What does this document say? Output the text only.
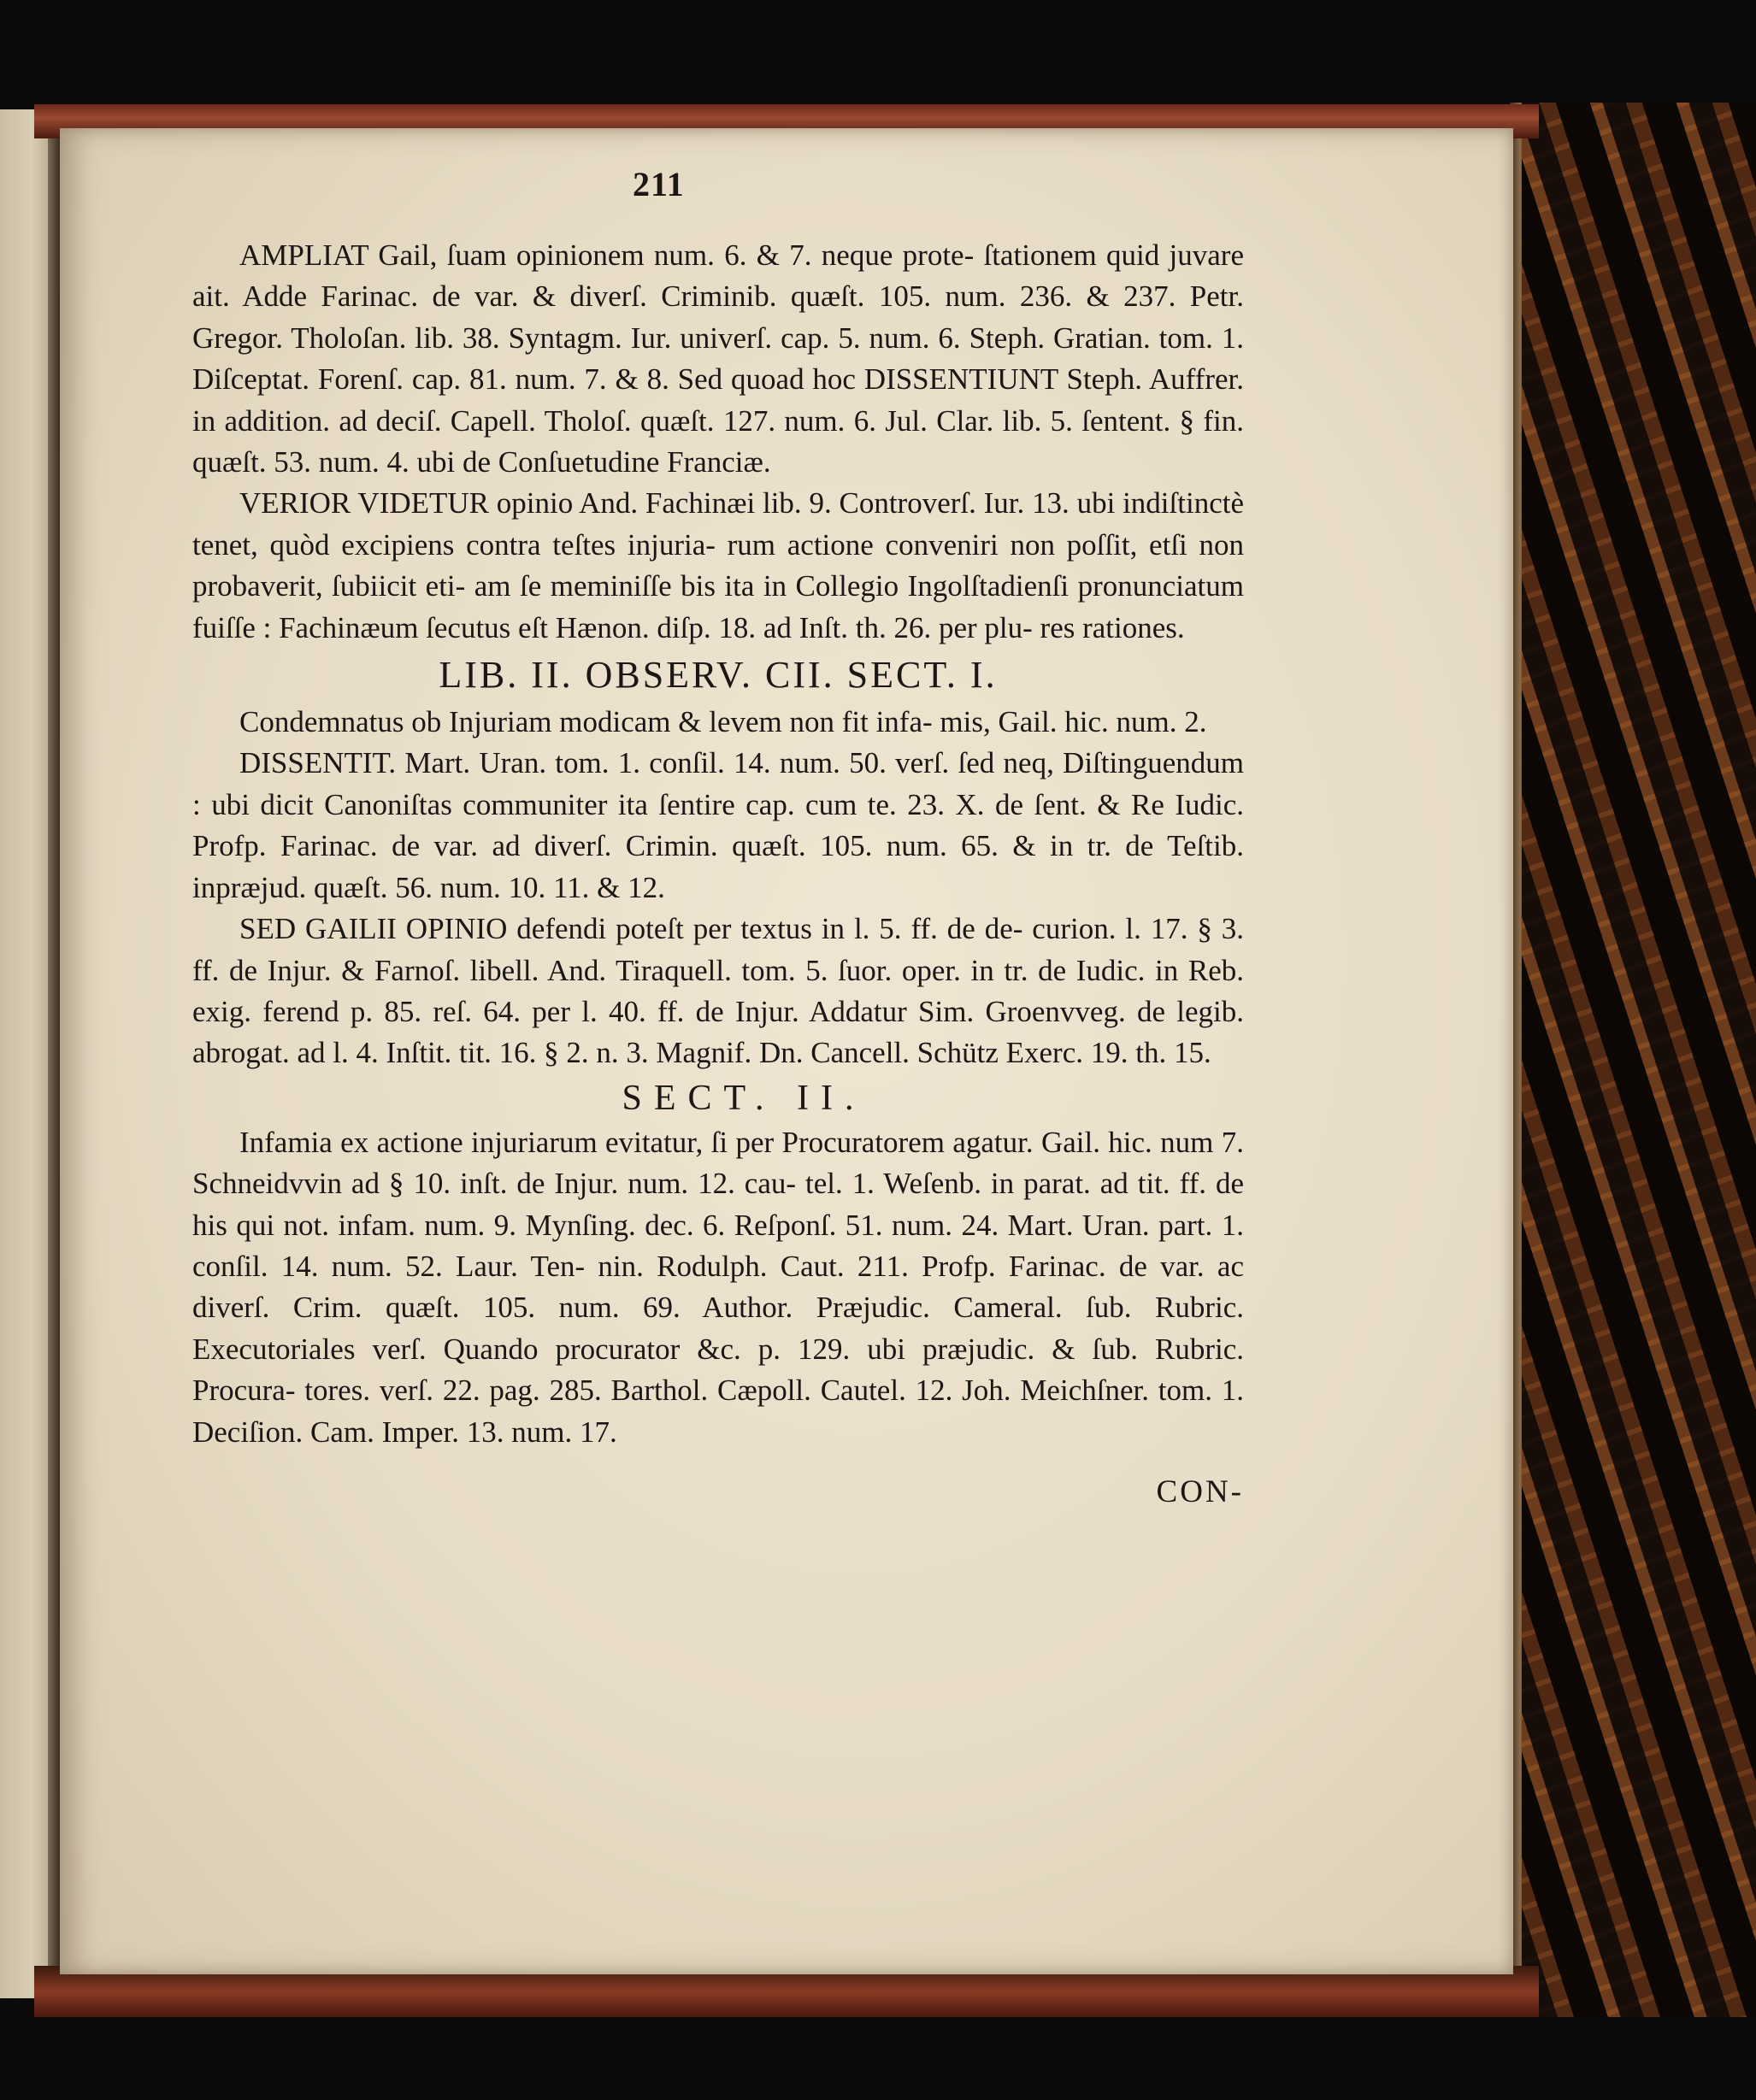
211

AMPLIAT Gail, ſuam opinionem num. 6. & 7. neque prote- ſtationem quid juvare ait. Adde Farinac. de var. & diverſ. Criminib. quæſt. 105. num. 236. & 237. Petr. Gregor. Tholoſan. lib. 38. Syntagm. Iur. univerſ. cap. 5. num. 6. Steph. Gratian. tom. 1. Diſceptat. Forenſ. cap. 81. num. 7. & 8. Sed quoad hoc DISSENTIUNT Steph. Auffrer. in addition. ad deciſ. Capell. Tholoſ. quæſt. 127. num. 6. Jul. Clar. lib. 5. ſentent. § fin. quæſt. 53. num. 4. ubi de Conſuetudine Franciæ.

VERIOR VIDETUR opinio And. Fachinæi lib. 9. Controverſ. Iur. 13. ubi indiſtinctè tenet, quòd excipiens contra teſtes injuria- rum actione conveniri non poſſit, etſi non probaverit, ſubiicit eti- am ſe meminiſſe bis ita in Collegio Ingolſtadienſi pronunciatum fuiſſe : Fachinæum ſecutus eſt Hænon. diſp. 18. ad Inſt. th. 26. per plu- res rationes.

LIB. II. OBSERV. CII. SECT. I.

Condemnatus ob Injuriam modicam & levem non fit infa- mis, Gail. hic. num. 2.

DISSENTIT. Mart. Uran. tom. 1. conſil. 14. num. 50. verſ. ſed neq, Diſtinguendum : ubi dicit Canoniſtas communiter ita ſentire cap. cum te. 23. X. de ſent. & Re Iudic. Profp. Farinac. de var. ad diverſ. Crimin. quæſt. 105. num. 65. & in tr. de Teſtib. inpræjud. quæſt. 56. num. 10. 11. & 12.

SED GAILII OPINIO defendi poteſt per textus in l. 5. ff. de de- curion. l. 17. § 3. ff. de Injur. & Farnoſ. libell. And. Tiraquell. tom. 5. ſuor. oper. in tr. de Iudic. in Reb. exig. ferend p. 85. reſ. 64. per l. 40. ff. de Injur. Addatur Sim. Groenvveg. de legib. abrogat. ad l. 4. Inſtit. tit. 16. § 2. n. 3. Magnif. Dn. Cancell. Schütz Exerc. 19. th. 15.

SECT. II.

Infamia ex actione injuriarum evitatur, ſi per Procuratorem agatur. Gail. hic. num 7. Schneidvvin ad § 10. inſt. de Injur. num. 12. cau- tel. 1. Weſenb. in parat. ad tit. ff. de his qui not. infam. num. 9. Mynſing. dec. 6. Reſponſ. 51. num. 24. Mart. Uran. part. 1. conſil. 14. num. 52. Laur. Ten- nin. Rodulph. Caut. 211. Profp. Farinac. de var. ac diverſ. Crim. quæſt. 105. num. 69. Author. Præjudic. Cameral. ſub. Rubric. Executoriales verſ. Quando procurator &c. p. 129. ubi præjudic. & ſub. Rubric. Procura- tores. verſ. 22. pag. 285. Barthol. Cæpoll. Cautel. 12. Joh. Meichſner. tom. 1. Deciſion. Cam. Imper. 13. num. 17.

CON-
